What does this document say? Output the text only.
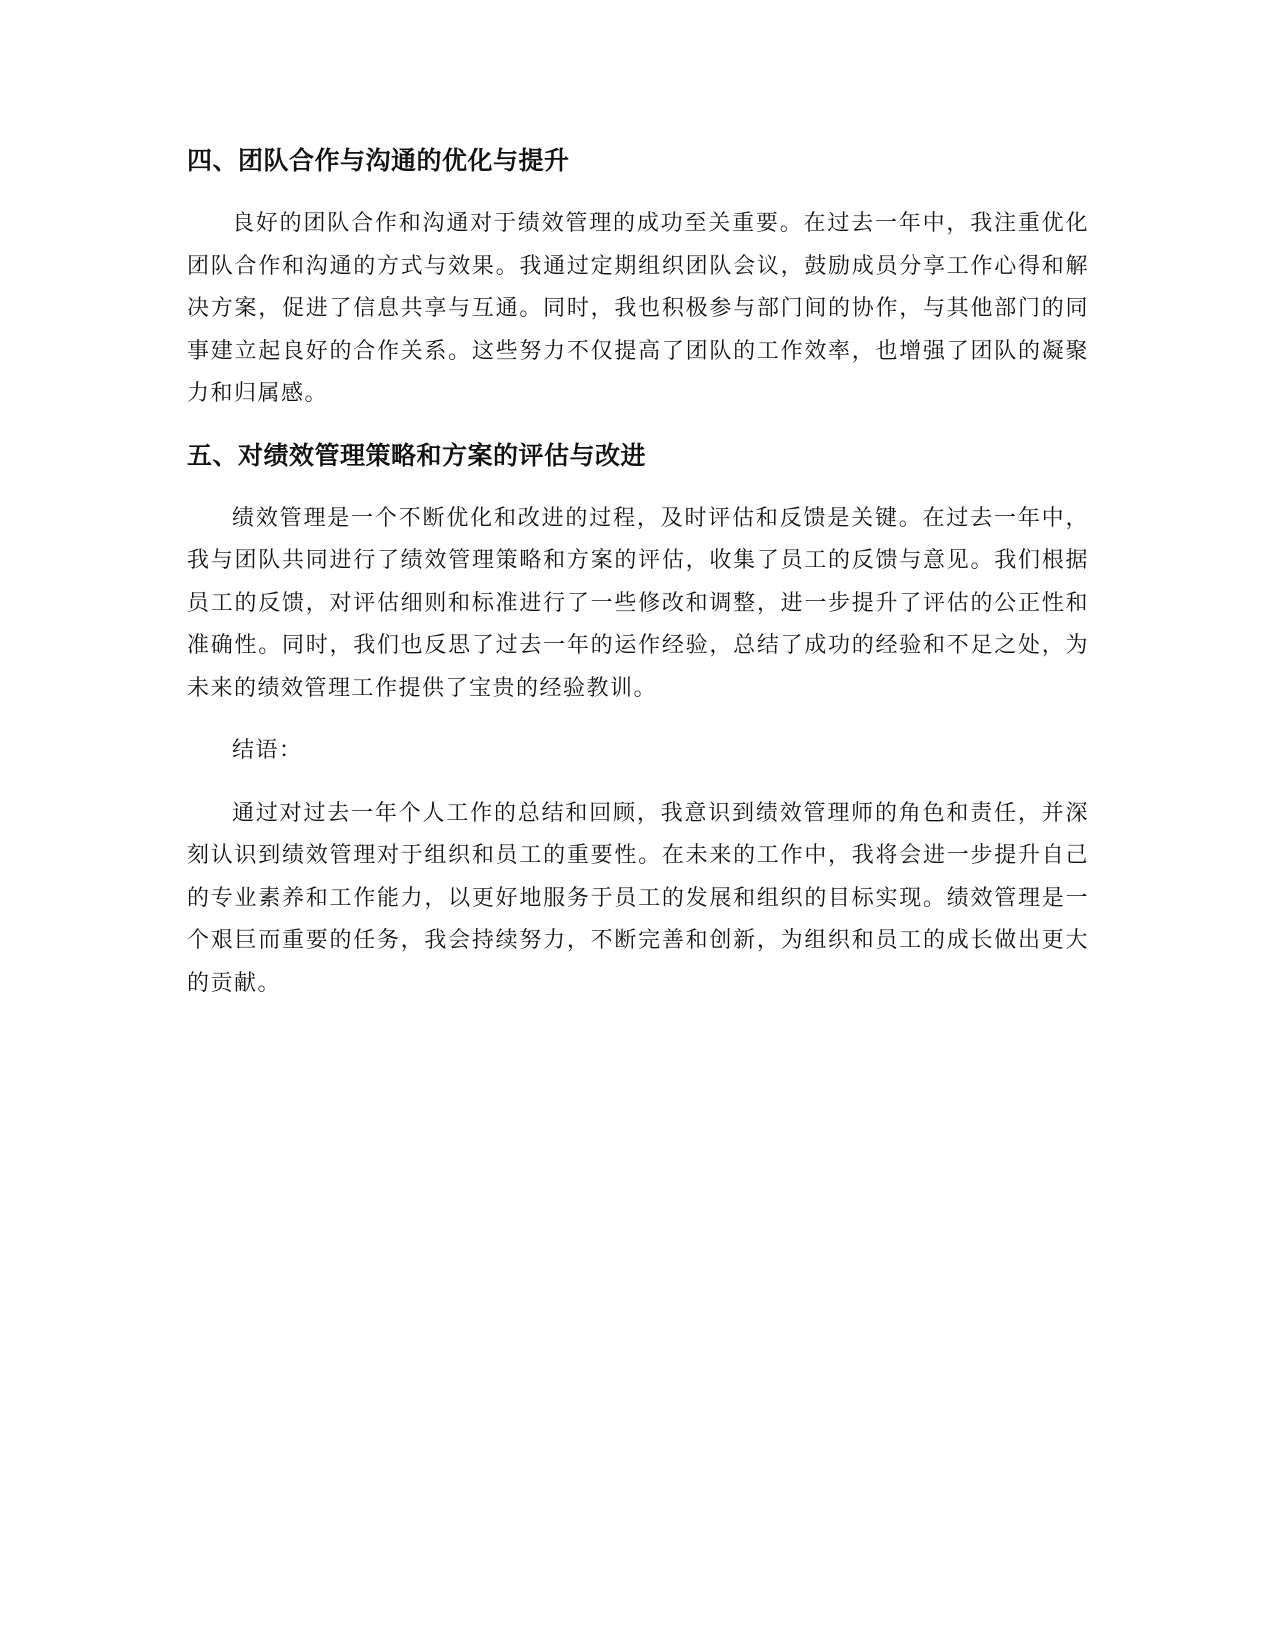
四、团队合作与沟通的优化与提升

良好的团队合作和沟通对于绩效管理的成功至关重要。在过去一年中，我注重优化团队合作和沟通的方式与效果。我通过定期组织团队会议，鼓励成员分享工作心得和解决方案，促进了信息共享与互通。同时，我也积极参与部门间的协作，与其他部门的同事建立起良好的合作关系。这些努力不仅提高了团队的工作效率，也增强了团队的凝聚力和归属感。

五、对绩效管理策略和方案的评估与改进

绩效管理是一个不断优化和改进的过程，及时评估和反馈是关键。在过去一年中，我与团队共同进行了绩效管理策略和方案的评估，收集了员工的反馈与意见。我们根据员工的反馈，对评估细则和标准进行了一些修改和调整，进一步提升了评估的公正性和准确性。同时，我们也反思了过去一年的运作经验，总结了成功的经验和不足之处，为未来的绩效管理工作提供了宝贵的经验教训。

结语：

通过对过去一年个人工作的总结和回顾，我意识到绩效管理师的角色和责任，并深刻认识到绩效管理对于组织和员工的重要性。在未来的工作中，我将会进一步提升自己的专业素养和工作能力，以更好地服务于员工的发展和组织的目标实现。绩效管理是一个艰巨而重要的任务，我会持续努力，不断完善和创新，为组织和员工的成长做出更大的贡献。
